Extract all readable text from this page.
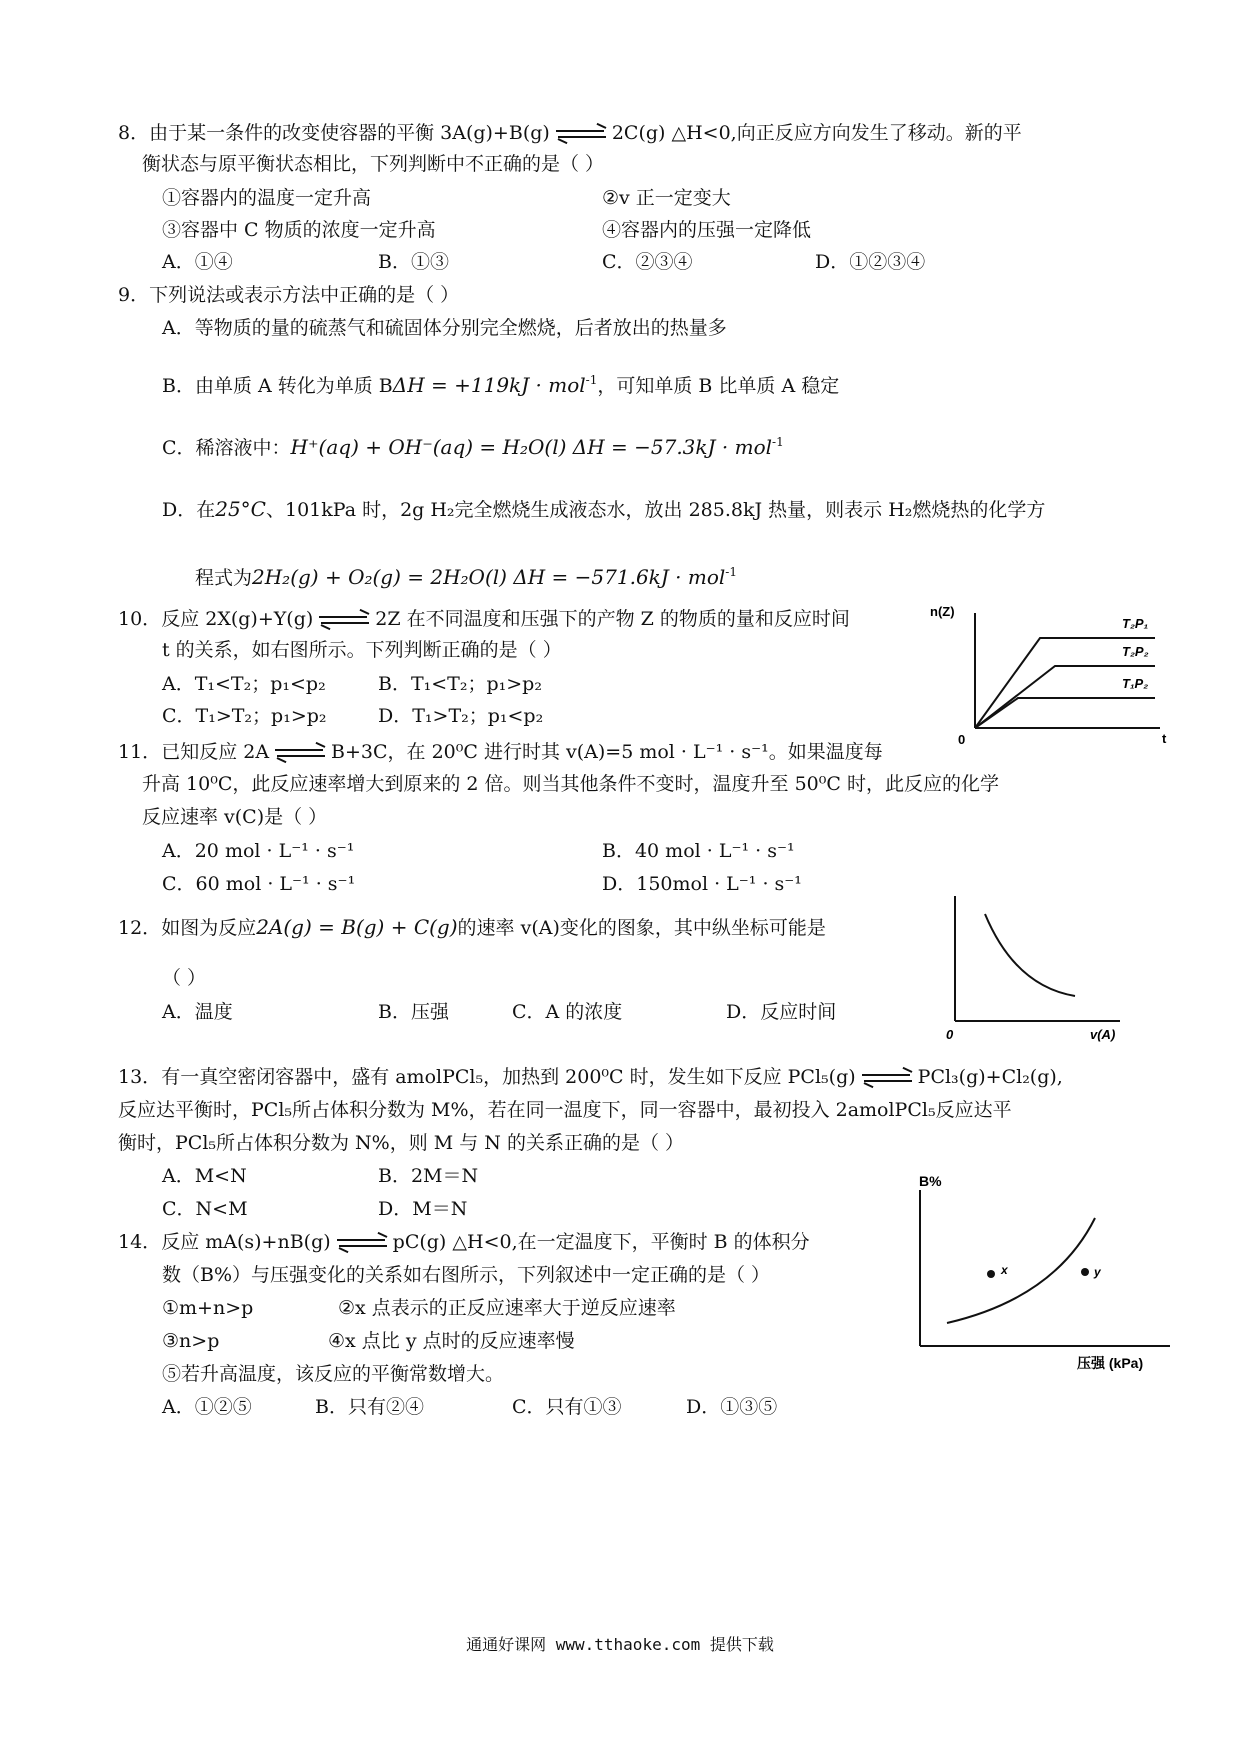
8．由于某一条件的改变使容器的平衡 3A(g)+B(g)	2C(g) △H<0,向正反应方向发生了移动。新的平
衡状态与原平衡状态相比，下列判断中不正确的是（ ）
①容器内的温度一定升高	②v 正一定变大
③容器中 C 物质的浓度一定升高	④容器内的压强一定降低
A．①④	B．①③	C．②③④	D．①②③④
9．下列说法或表示方法中正确的是（ ）
A．等物质的量的硫蒸气和硫固体分别完全燃烧，后者放出的热量多
B．由单质 A 转化为单质 BΔH = +119kJ · mol$^{-1}$，可知单质 B 比单质 A 稳定
C．稀溶液中：H⁺(aq) + OH⁻(aq) = H₂O(l) ΔH = −57.3kJ · mol$^{-1}$
D．在25°C、101kPa 时，2g H₂完全燃烧生成液态水，放出 285.8kJ 热量，则表示 H₂燃烧热的化学方
程式为2H₂(g) + O₂(g) = 2H₂O(l) ΔH = −571.6kJ · mol$^{-1}$
10．反应 2X(g)+Y(g)	2Z 在不同温度和压强下的产物 Z 的物质的量和反应时间
t 的关系，如右图所示。下列判断正确的是（ ）
A．T₁<T₂；p₁<p₂	B．T₁<T₂；p₁>p₂
C．T₁>T₂；p₁>p₂	D．T₁>T₂；p₁<p₂
n(Z)
t
0
T₂P₁
T₂P₂
T₁P₂
11．已知反应 2A	B+3C，在 20⁰C 进行时其 v(A)=5 mol · L⁻¹ · s⁻¹。如果温度每
升高 10⁰C，此反应速率增大到原来的 2 倍。则当其他条件不变时，温度升至 50⁰C 时，此反应的化学
反应速率 v(C)是（ ）
A．20 mol · L⁻¹ · s⁻¹	B．40 mol · L⁻¹ · s⁻¹
C．60 mol · L⁻¹ · s⁻¹	D．150mol · L⁻¹ · s⁻¹
12．如图为反应2A(g) = B(g) + C(g)的速率 v(A)变化的图象，其中纵坐标可能是
（ ）
A．温度	B．压强	C．A 的浓度	D．反应时间
0	v(A)
13．有一真空密闭容器中，盛有 amolPCl₅，加热到 200⁰C 时，发生如下反应 PCl₅(g)	PCl₃(g)+Cl₂(g),
反应达平衡时，PCl₅所占体积分数为 M%，若在同一温度下，同一容器中，最初投入 2amolPCl₅反应达平
衡时，PCl₅所占体积分数为 N%，则 M 与 N 的关系正确的是（ ）
A．M<N	B．2M＝N
C．N<M	D．M＝N
14．反应 mA(s)+nB(g)	pC(g) △H<0,在一定温度下，平衡时 B 的体积分
数（B%）与压强变化的关系如右图所示，下列叙述中一定正确的是（ ）
①m+n>p	②x 点表示的正反应速率大于逆反应速率
③n>p	④x 点比 y 点时的反应速率慢
⑤若升高温度，该反应的平衡常数增大。
A．①②⑤	B．只有②④	C．只有①③	D．①③⑤
x	y
B%
压强 (kPa)
通通好课网 www.tthaoke.com 提供下载
